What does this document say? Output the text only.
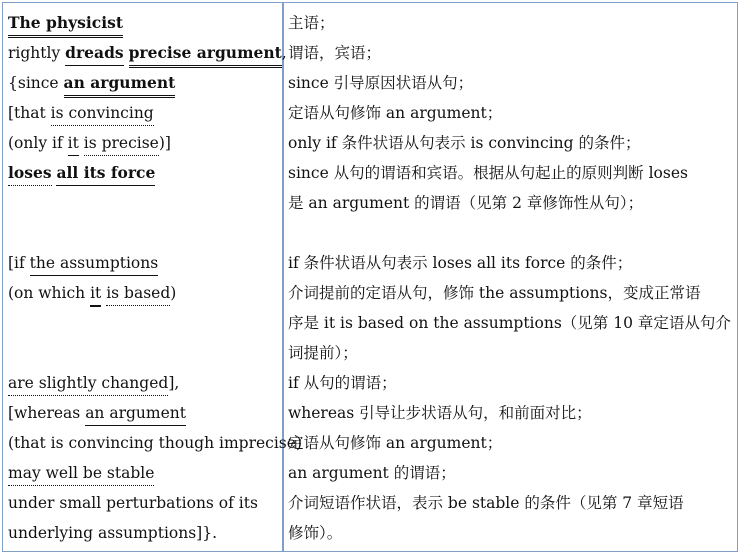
The physicist
rightly dreads precise argument,
{since an argument
[that is convincing
(only if it is precise)]
loses all its force
[if the assumptions
(on which it is based)
are slightly changed],
[whereas an argument
(that is convincing though imprecise)
may well be stable
under small perturbations of its
underlying assumptions]}.
主语；
谓语，宾语；
since 引导原因状语从句；
定语从句修饰 an argument；
only if 条件状语从句表示 is convincing 的条件；
since 从句的谓语和宾语。根据从句起止的原则判断 loses
是 an argument 的谓语（见第 2 章修饰性从句）；
if 条件状语从句表示 loses all its force 的条件；
介词提前的定语从句，修饰 the assumptions，变成正常语
序是 it is based on the assumptions（见第 10 章定语从句介
词提前）；
if 从句的谓语；
whereas 引导让步状语从句，和前面对比；
定语从句修饰 an argument；
an argument 的谓语；
介词短语作状语，表示 be stable 的条件（见第 7 章短语
修饰）。
